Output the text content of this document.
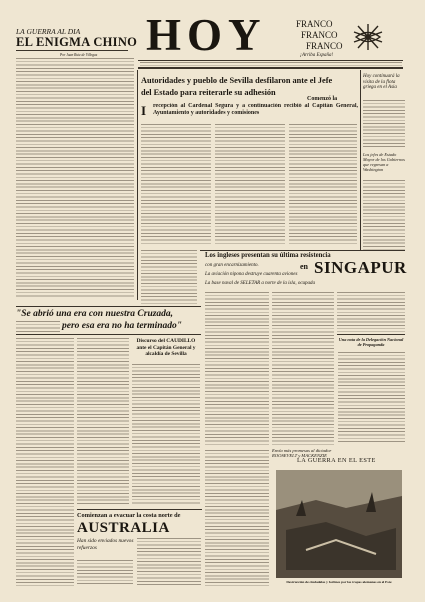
LA GUERRA AL DIA
EL ENIGMA CHINO
Por Juan Ruiz de Villegas HOY	FRANCO
FRANCO
FRANCO
¡Arriba España!
Autoridades y pueblo de Sevilla desfilaron ante el Jefe
del Estado para reiterarle su adhesión
Comenzó la
I recepción al Cardenal Segura y a continuación recibió al Capitán General, Ayuntamiento y autoridades y comisiones
Hoy continuará la visita de la flota griega en el Asia
Los jefes de Estado Mayor de los Gobiernos que regresan a Washington
Los ingleses presentan su última resistencia
con gran encarnizamiento.	en SINGAPUR
La aviación nipona destruye cuarenta aviones
La base naval de SELETAR a norte de la isla, ocupada
"Se abrió una era con nuestra Cruzada,
pero esa era no ha terminado"
Discurso del CAUDILLO ante el Capitán General y alcaldía de Sevilla
Comienzan a evacuar la costa norte de
AUSTRALIA
Han sido enviados nuevos refuerzos
Envía más promesas al dictador ROOSEVELT y MACKENZIE
Una nota de la Delegación Nacional de Propaganda
LA GUERRA EN EL ESTE
Destrucción de ciudadelas y fortines por las tropas alemanas en el Este
